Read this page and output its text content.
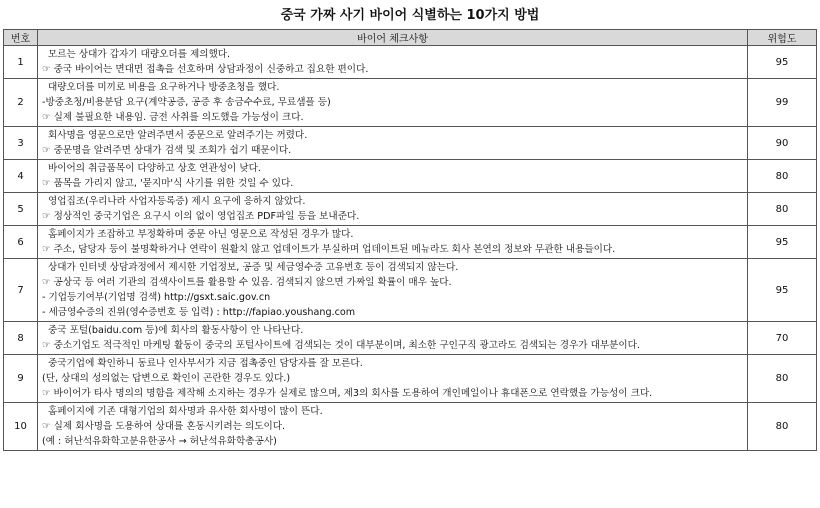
중국 가짜 사기 바이어 식별하는 10가지 방법
번호	바이어 체크사항	위험도
1	모르는 상대가 갑자기 대량오더를 제의했다.
☞ 중국 바이어는 면대면 접촉을 선호하며 상담과정이 신중하고 집요한 편이다.	95
2	대량오더를 미끼로 비용을 요구하거나 방중초청을 했다.
-방중초청/비용분담 요구(계약공증, 공증 후 송금수수료, 무료샘플 등)
☞ 실제 불필요한 내용임. 금전 사취를 의도했을 가능성이 크다.	99
3	회사명을 영문으로만 알려주면서 중문으로 알려주기는 꺼렸다.
☞ 중문명을 알려주면 상대가 검색 및 조회가 쉽기 때문이다.	90
4	바이어의 취급품목이 다양하고 상호 연관성이 낮다.
☞ 품목을 가리지 않고, '묻지마'식 사기를 위한 것일 수 있다.	80
5	영업집조(우리나라 사업자등록증) 제시 요구에 응하지 않았다.
☞ 정상적인 중국기업은 요구시 이의 없이 영업집조 PDF파일 등을 보내준다.	80
6	홈페이지가 조잡하고 부정확하며 중문 아닌 영문으로 작성된 경우가 많다.
☞ 주소, 담당자 등이 불명확하거나 연락이 원활치 않고 업데이트가 부실하며 업데이트된 메뉴라도 회사 본연의 정보와 무관한 내용들이다.	95
7	상대가 인터넷 상담과정에서 제시한 기업정보, 공증 및 세금영수증 고유번호 등이 검색되지 않는다.
☞ 공상국 등 여러 기관의 검색사이트를 활용할 수 있음. 검색되지 않으면 가짜일 확률이 매우 높다.
- 기업등기여부(기업명 검색) http://gsxt.saic.gov.cn
- 세금영수증의 진위(영수증번호 등 입력) : http://fapiao.youshang.com	95
8	중국 포털(baidu.com 등)에 회사의 활동사항이 안 나타난다.
☞ 중소기업도 적극적인 마케팅 활동이 중국의 포털사이트에 검색되는 것이 대부분이며, 최소한 구인구직 광고라도 검색되는 경우가 대부분이다.	70
9	중국기업에 확인하니 동료나 인사부서가 지금 접촉중인 담당자를 잘 모른다.
(단, 상대의 성의없는 답변으로 확인이 곤란한 경우도 있다.)
☞ 바이어가 타사 명의의 명함을 제작해 소지하는 경우가 실제로 많으며, 제3의 회사를 도용하여 개인메일이나 휴대폰으로 연락했을 가능성이 크다.	80
10	홈페이지에 기존 대형기업의 회사명과 유사한 회사명이 많이 뜬다.
☞ 실제 회사명을 도용하여 상대를 혼동시키려는 의도이다.
(예 : 허난석유화학고분유한공사 → 허난석유화학총공사)	80
